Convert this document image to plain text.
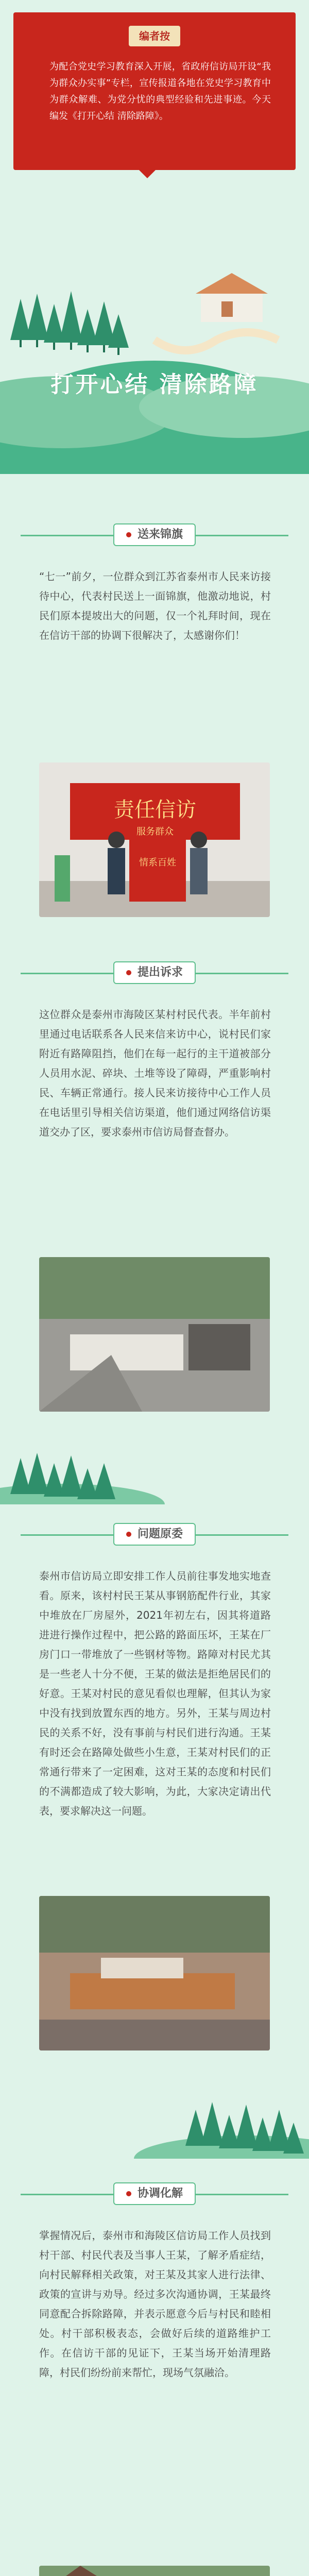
编者按
为配合党史学习教育深入开展，省政府信访局开设“我为群众办实事”专栏，宣传报道各地在党史学习教育中为群众解难、为党分忧的典型经验和先进事迹。今天编发《打开心结 清除路障》。
打开心结 清除路障
送来锦旗
“七一”前夕，一位群众到江苏省泰州市人民来访接待中心，代表村民送上一面锦旗，他激动地说，村民们原本提坡出大的问题，仅一个礼拜时间，现在在信访干部的协调下很解决了，太感谢你们！
责任信访
服务群众
情系百姓
提出诉求
这位群众是泰州市海陵区某村村民代表。半年前村里通过电话联系各人民来信来访中心，说村民们家附近有路障阻挡，他们在每一起行的主干道被部分人员用水泥、碎块、土堆等设了障碍，严重影响村民、车辆正常通行。接人民来访接待中心工作人员在电话里引导相关信访渠道，他们通过网络信访渠道交办了区，要求泰州市信访局督查督办。
问题原委
泰州市信访局立即安排工作人员前往事发地实地查看。原来，该村村民王某从事钢筋配件行业，其家中堆放在厂房屋外，2021年初左右，因其将道路进进行操作过程中，把公路的路面压坏，王某在厂房门口一带堆放了一些钢材等物。路障对村民尤其是一些老人十分不便，王某的做法是拒绝居民们的好意。王某对村民的意见看似也理解，但其认为家中没有找到放置东西的地方。另外，王某与周边村民的关系不好，没有事前与村民们进行沟通。王某有时还会在路障处做些小生意，王某对村民们的正常通行带来了一定困难，这对王某的态度和村民们的不满都造成了较大影响，为此，大家决定请出代表，要求解决这一问题。
协调化解
掌握情况后，泰州市和海陵区信访局工作人员找到村干部、村民代表及当事人王某，了解矛盾症结，向村民解释相关政策，对王某及其家人进行法律、政策的宣讲与劝导。经过多次沟通协调，王某最终同意配合拆除路障，并表示愿意今后与村民和睦相处。村干部积极表态，会做好后续的道路维护工作。在信访干部的见证下，王某当场开始清理路障，村民们纷纷前来帮忙，现场气氛融洽。
